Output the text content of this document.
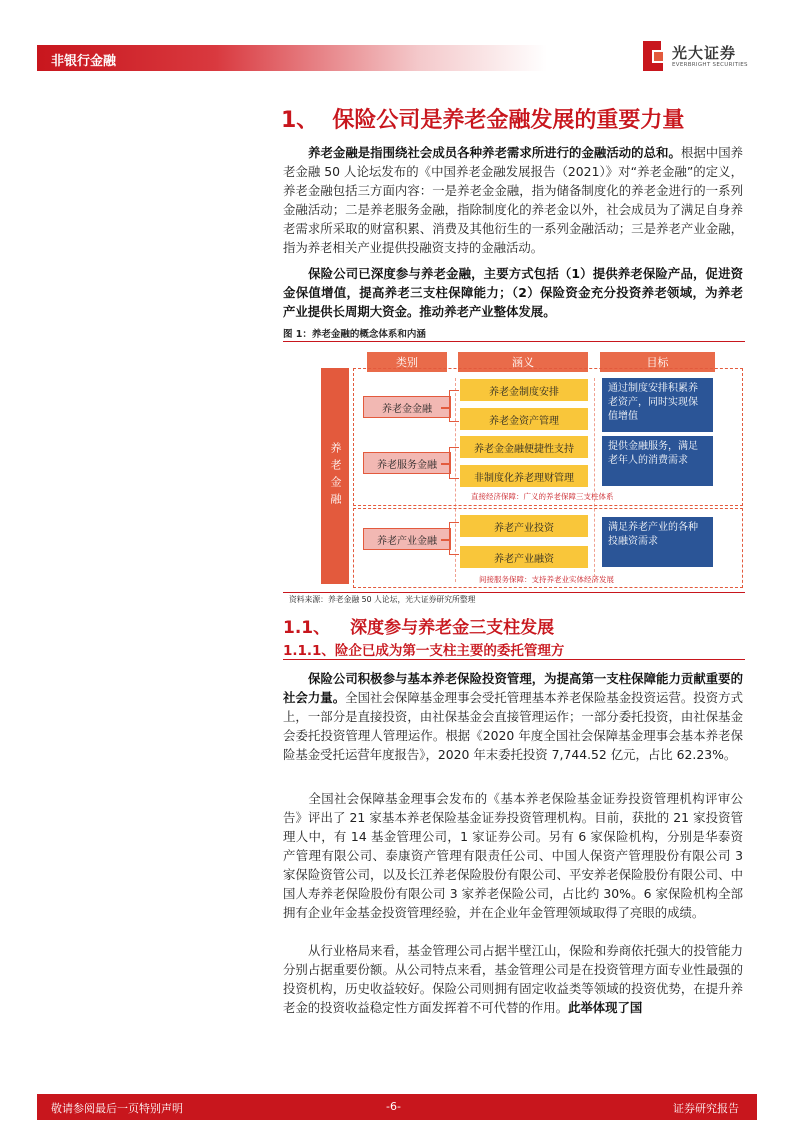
非银行金融	光大证券
EVERBRIGHT SECURITIES
1、 保险公司是养老金融发展的重要力量
养老金融是指围绕社会成员各种养老需求所进行的金融活动的总和。根据中国养老金融 50 人论坛发布的《中国养老金融发展报告（2021）》对“养老金融”的定义，养老金融包括三方面内容：一是养老金金融，指为储备制度化的养老金进行的一系列金融活动；二是养老服务金融，指除制度化的养老金以外，社会成员为了满足自身养老需求所采取的财富积累、消费及其他衍生的一系列金融活动；三是养老产业金融，指为养老相关产业提供投融资支持的金融活动。
保险公司已深度参与养老金融，主要方式包括（1）提供养老保险产品，促进资金保值增值，提高养老三支柱保障能力；（2）保险资金充分投资养老领域，为养老产业提供长周期大资金。推动养老产业整体发展。
图 1：养老金融的概念体系和内涵
类别	涵义	目标
养老金融
养老金金融
养老金制度安排
养老金资产管理
通过制度安排积累养老资产，同时实现保值增值
养老服务金融
养老金金融便捷性支持
非制度化养老理财管理
提供金融服务，满足老年人的消费需求
直接经济保障：广义的养老保障三支柱体系
养老产业金融
养老产业投资
养老产业融资
满足养老产业的各种投融资需求
间接服务保障：支持养老业实体经济发展
资料来源：养老金融 50 人论坛，光大证券研究所整理
1.1、 深度参与养老金三支柱发展
1.1.1、险企已成为第一支柱主要的委托管理方
保险公司积极参与基本养老保险投资管理，为提高第一支柱保障能力贡献重要的社会力量。全国社会保障基金理事会受托管理基本养老保险基金投资运营。投资方式上，一部分是直接投资，由社保基金会直接管理运作；一部分委托投资，由社保基金会委托投资管理人管理运作。根据《2020 年度全国社会保障基金理事会基本养老保险基金受托运营年度报告》，2020 年末委托投资 7,744.52 亿元，占比 62.23%。
全国社会保障基金理事会发布的《基本养老保险基金证券投资管理机构评审公告》评出了 21 家基本养老保险基金证券投资管理机构。目前，获批的 21 家投资管理人中，有 14 基金管理公司，1 家证券公司。另有 6 家保险机构，分别是华泰资产管理有限公司、泰康资产管理有限责任公司、中国人保资产管理股份有限公司 3 家保险资管公司，以及长江养老保险股份有限公司、平安养老保险股份有限公司、中国人寿养老保险股份有限公司 3 家养老保险公司，占比约 30%。6 家保险机构全部拥有企业年金基金投资管理经验，并在企业年金管理领域取得了亮眼的成绩。
从行业格局来看，基金管理公司占据半壁江山，保险和券商依托强大的投管能力分别占据重要份额。从公司特点来看，基金管理公司是在投资管理方面专业性最强的投资机构，历史收益较好。保险公司则拥有固定收益类等领域的投资优势，在提升养老金的投资收益稳定性方面发挥着不可代替的作用。此举体现了国
敬请参阅最后一页特别声明	-6-	证券研究报告
